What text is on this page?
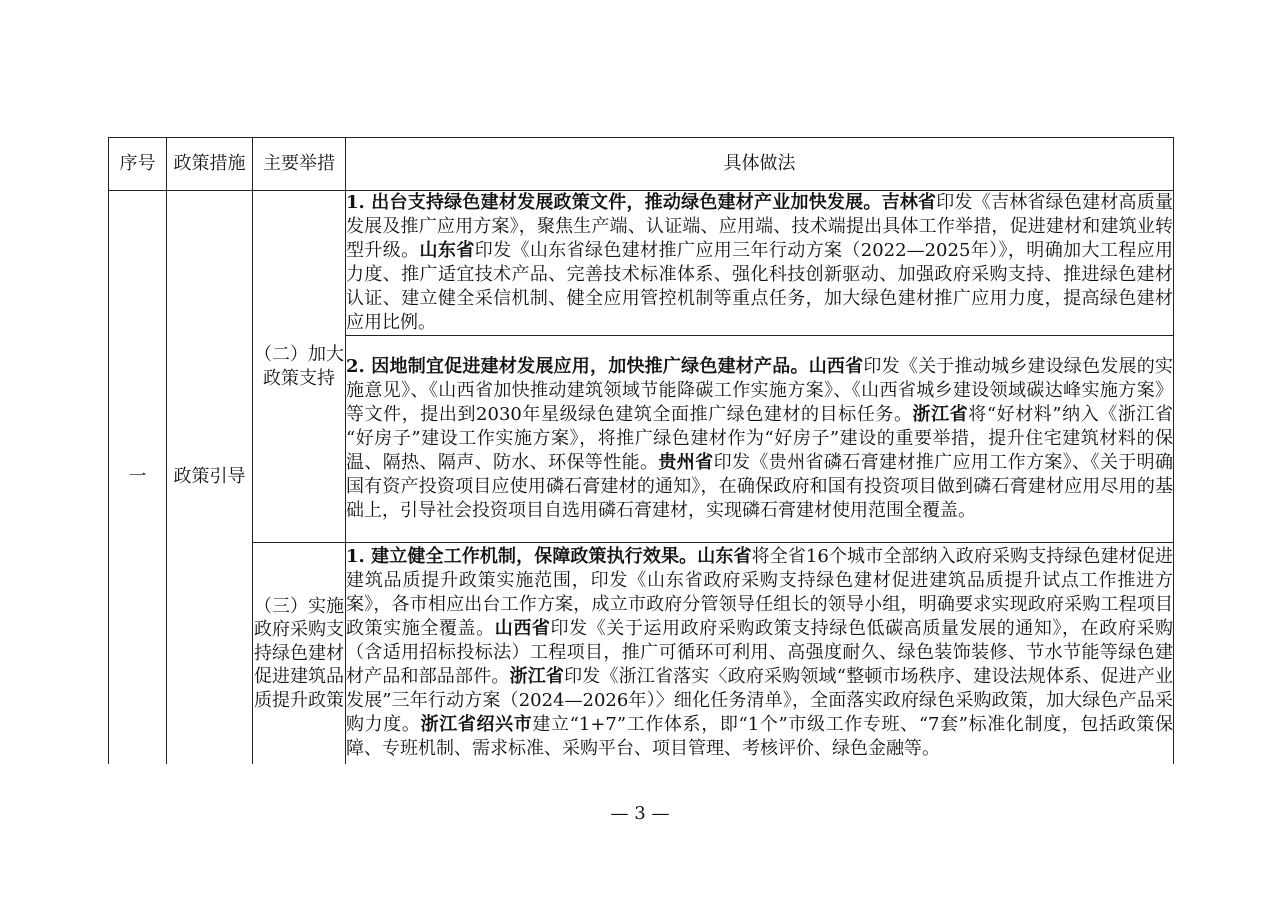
序号	政策措施	主要举措	具体做法
一	政策引导	（二）加大政策支持	1. 出台支持绿色建材发展政策文件，推动绿色建材产业加快发展。吉林省印发《吉林省绿色建材高质量发展及推广应用方案》，聚焦生产端、认证端、应用端、技术端提出具体工作举措，促进建材和建筑业转型升级。山东省印发《山东省绿色建材推广应用三年行动方案（2022—2025年）》，明确加大工程应用力度、推广适宜技术产品、完善技术标准体系、强化科技创新驱动、加强政府采购支持、推进绿色建材认证、建立健全采信机制、健全应用管控机制等重点任务，加大绿色建材推广应用力度，提高绿色建材应用比例。

			2. 因地制宜促进建材发展应用，加快推广绿色建材产品。山西省印发《关于推动城乡建设绿色发展的实施意见》、《山西省加快推动建筑领域节能降碳工作实施方案》、《山西省城乡建设领域碳达峰实施方案》等文件，提出到2030年星级绿色建筑全面推广绿色建材的目标任务。浙江省将“好材料”纳入《浙江省“好房子”建设工作实施方案》，将推广绿色建材作为“好房子”建设的重要举措，提升住宅建筑材料的保温、隔热、隔声、防水、环保等性能。贵州省印发《贵州省磷石膏建材推广应用工作方案》、《关于明确国有资产投资项目应使用磷石膏建材的通知》，在确保政府和国有投资项目做到磷石膏建材应用尽用的基础上，引导社会投资项目自选用磷石膏建材，实现磷石膏建材使用范围全覆盖。

		（三）实施政府采购支持绿色建材促进建筑品质提升政策	1. 建立健全工作机制，保障政策执行效果。山东省将全省16个城市全部纳入政府采购支持绿色建材促进建筑品质提升政策实施范围，印发《山东省政府采购支持绿色建材促进建筑品质提升试点工作推进方案》，各市相应出台工作方案，成立市政府分管领导任组长的领导小组，明确要求实现政府采购工程项目政策实施全覆盖。山西省印发《关于运用政府采购政策支持绿色低碳高质量发展的通知》，在政府采购（含适用招标投标法）工程项目，推广可循环可利用、高强度耐久、绿色装饰装修、节水节能等绿色建材产品和部品部件。浙江省印发《浙江省落实〈政府采购领域“整顿市场秩序、建设法规体系、促进产业发展”三年行动方案（2024—2026年）〉细化任务清单》，全面落实政府绿色采购政策，加大绿色产品采购力度。浙江省绍兴市建立“1+7”工作体系，即“1个”市级工作专班、“7套”标准化制度，包括政策保障、专班机制、需求标准、采购平台、项目管理、考核评价、绿色金融等。
— 3 —
